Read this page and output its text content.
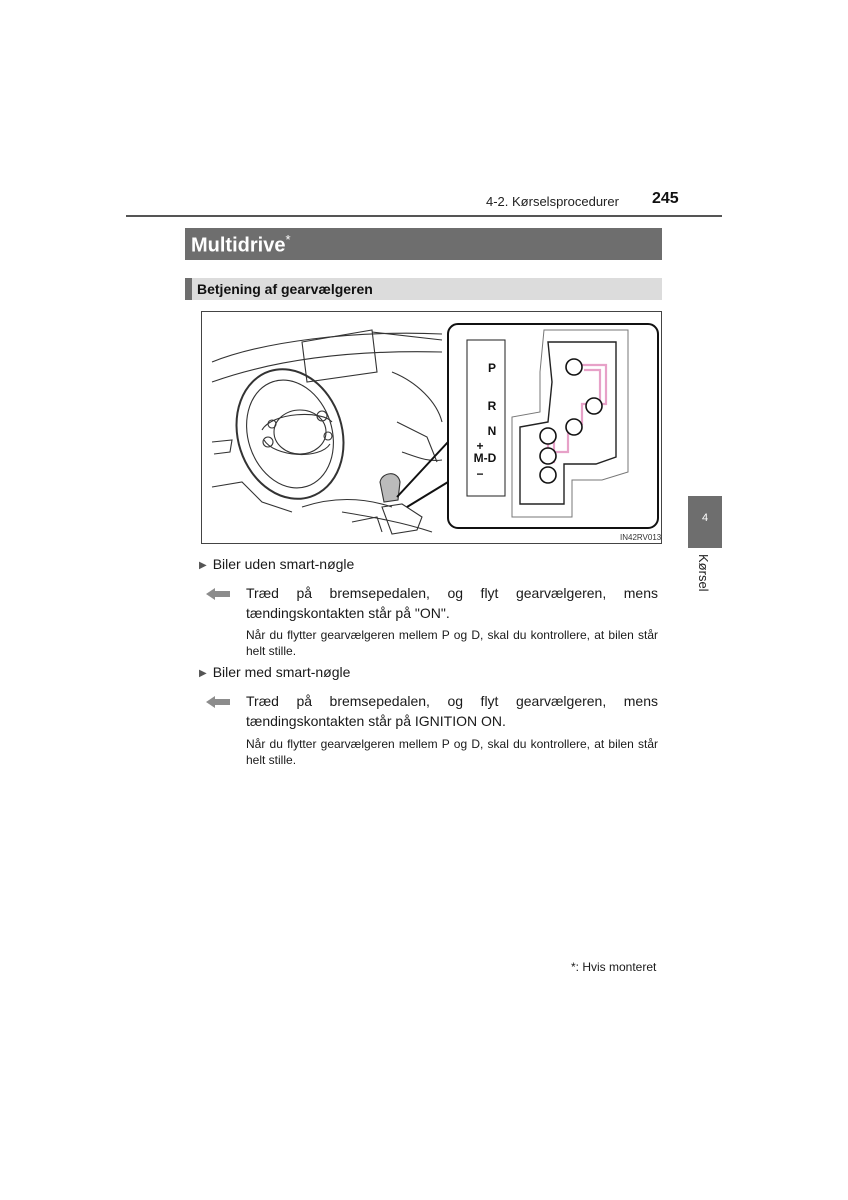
4-2. Kørselsprocedurer 245
Multidrive*
Betjening af gearvælgeren
P
R
N
+
M-D
−
IN42RV013
4
Kørsel
▶ Biler uden smart-nøgle
Træd på bremsepedalen, og flyt gearvælgeren, mens tændingskontakten står på "ON".
Når du flytter gearvælgeren mellem P og D, skal du kontrollere, at bilen står helt stille.
▶ Biler med smart-nøgle
Træd på bremsepedalen, og flyt gearvælgeren, mens tændingskontakten står på IGNITION ON.
Når du flytter gearvælgeren mellem P og D, skal du kontrollere, at bilen står helt stille.
*: Hvis monteret
